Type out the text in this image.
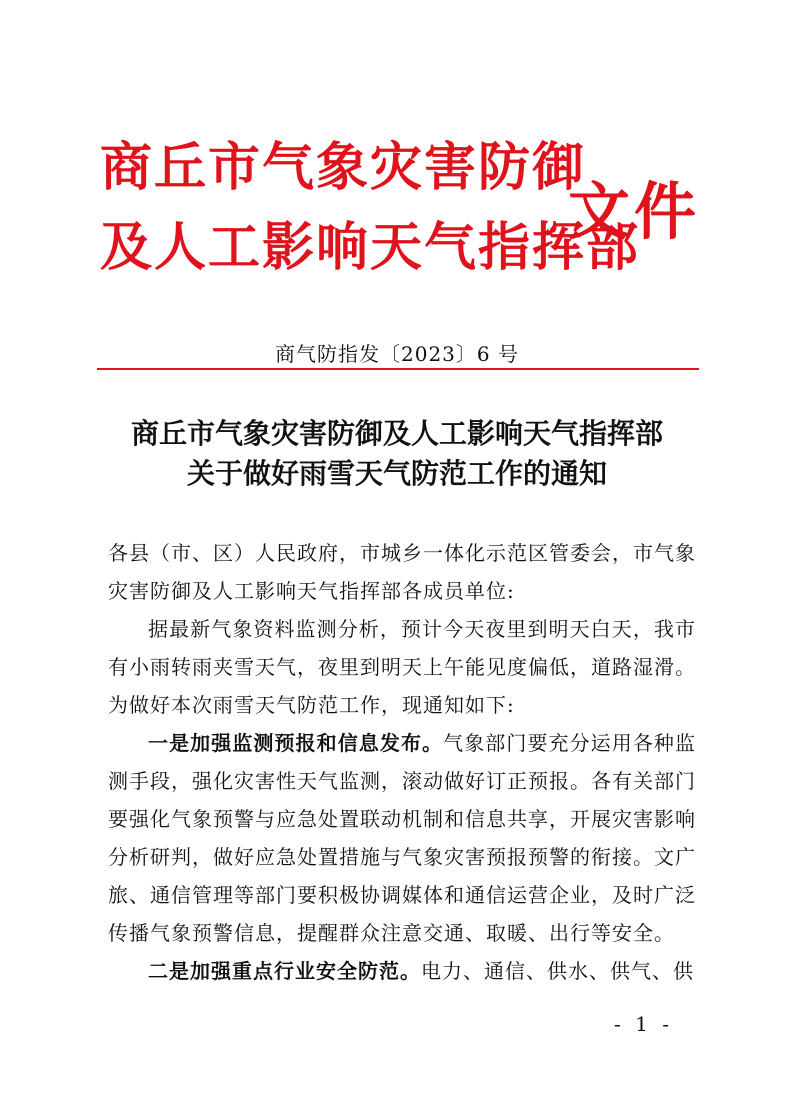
商丘市气象灾害防御
及人工影响天气指挥部
文件
商气防指发〔2023〕6 号
商丘市气象灾害防御及人工影响天气指挥部
关于做好雨雪天气防范工作的通知

各县（市、区）人民政府，市城乡一体化示范区管委会，市气象灾害防御及人工影响天气指挥部各成员单位:

据最新气象资料监测分析，预计今天夜里到明天白天，我市有小雨转雨夹雪天气，夜里到明天上午能见度偏低，道路湿滑。为做好本次雨雪天气防范工作，现通知如下:

一是加强监测预报和信息发布。气象部门要充分运用各种监测手段，强化灾害性天气监测，滚动做好订正预报。各有关部门要强化气象预警与应急处置联动机制和信息共享，开展灾害影响分析研判，做好应急处置措施与气象灾害预报预警的衔接。文广旅、通信管理等部门要积极协调媒体和通信运营企业，及时广泛传播气象预警信息，提醒群众注意交通、取暖、出行等安全。

二是加强重点行业安全防范。电力、通信、供水、供气、供

- 1 -
